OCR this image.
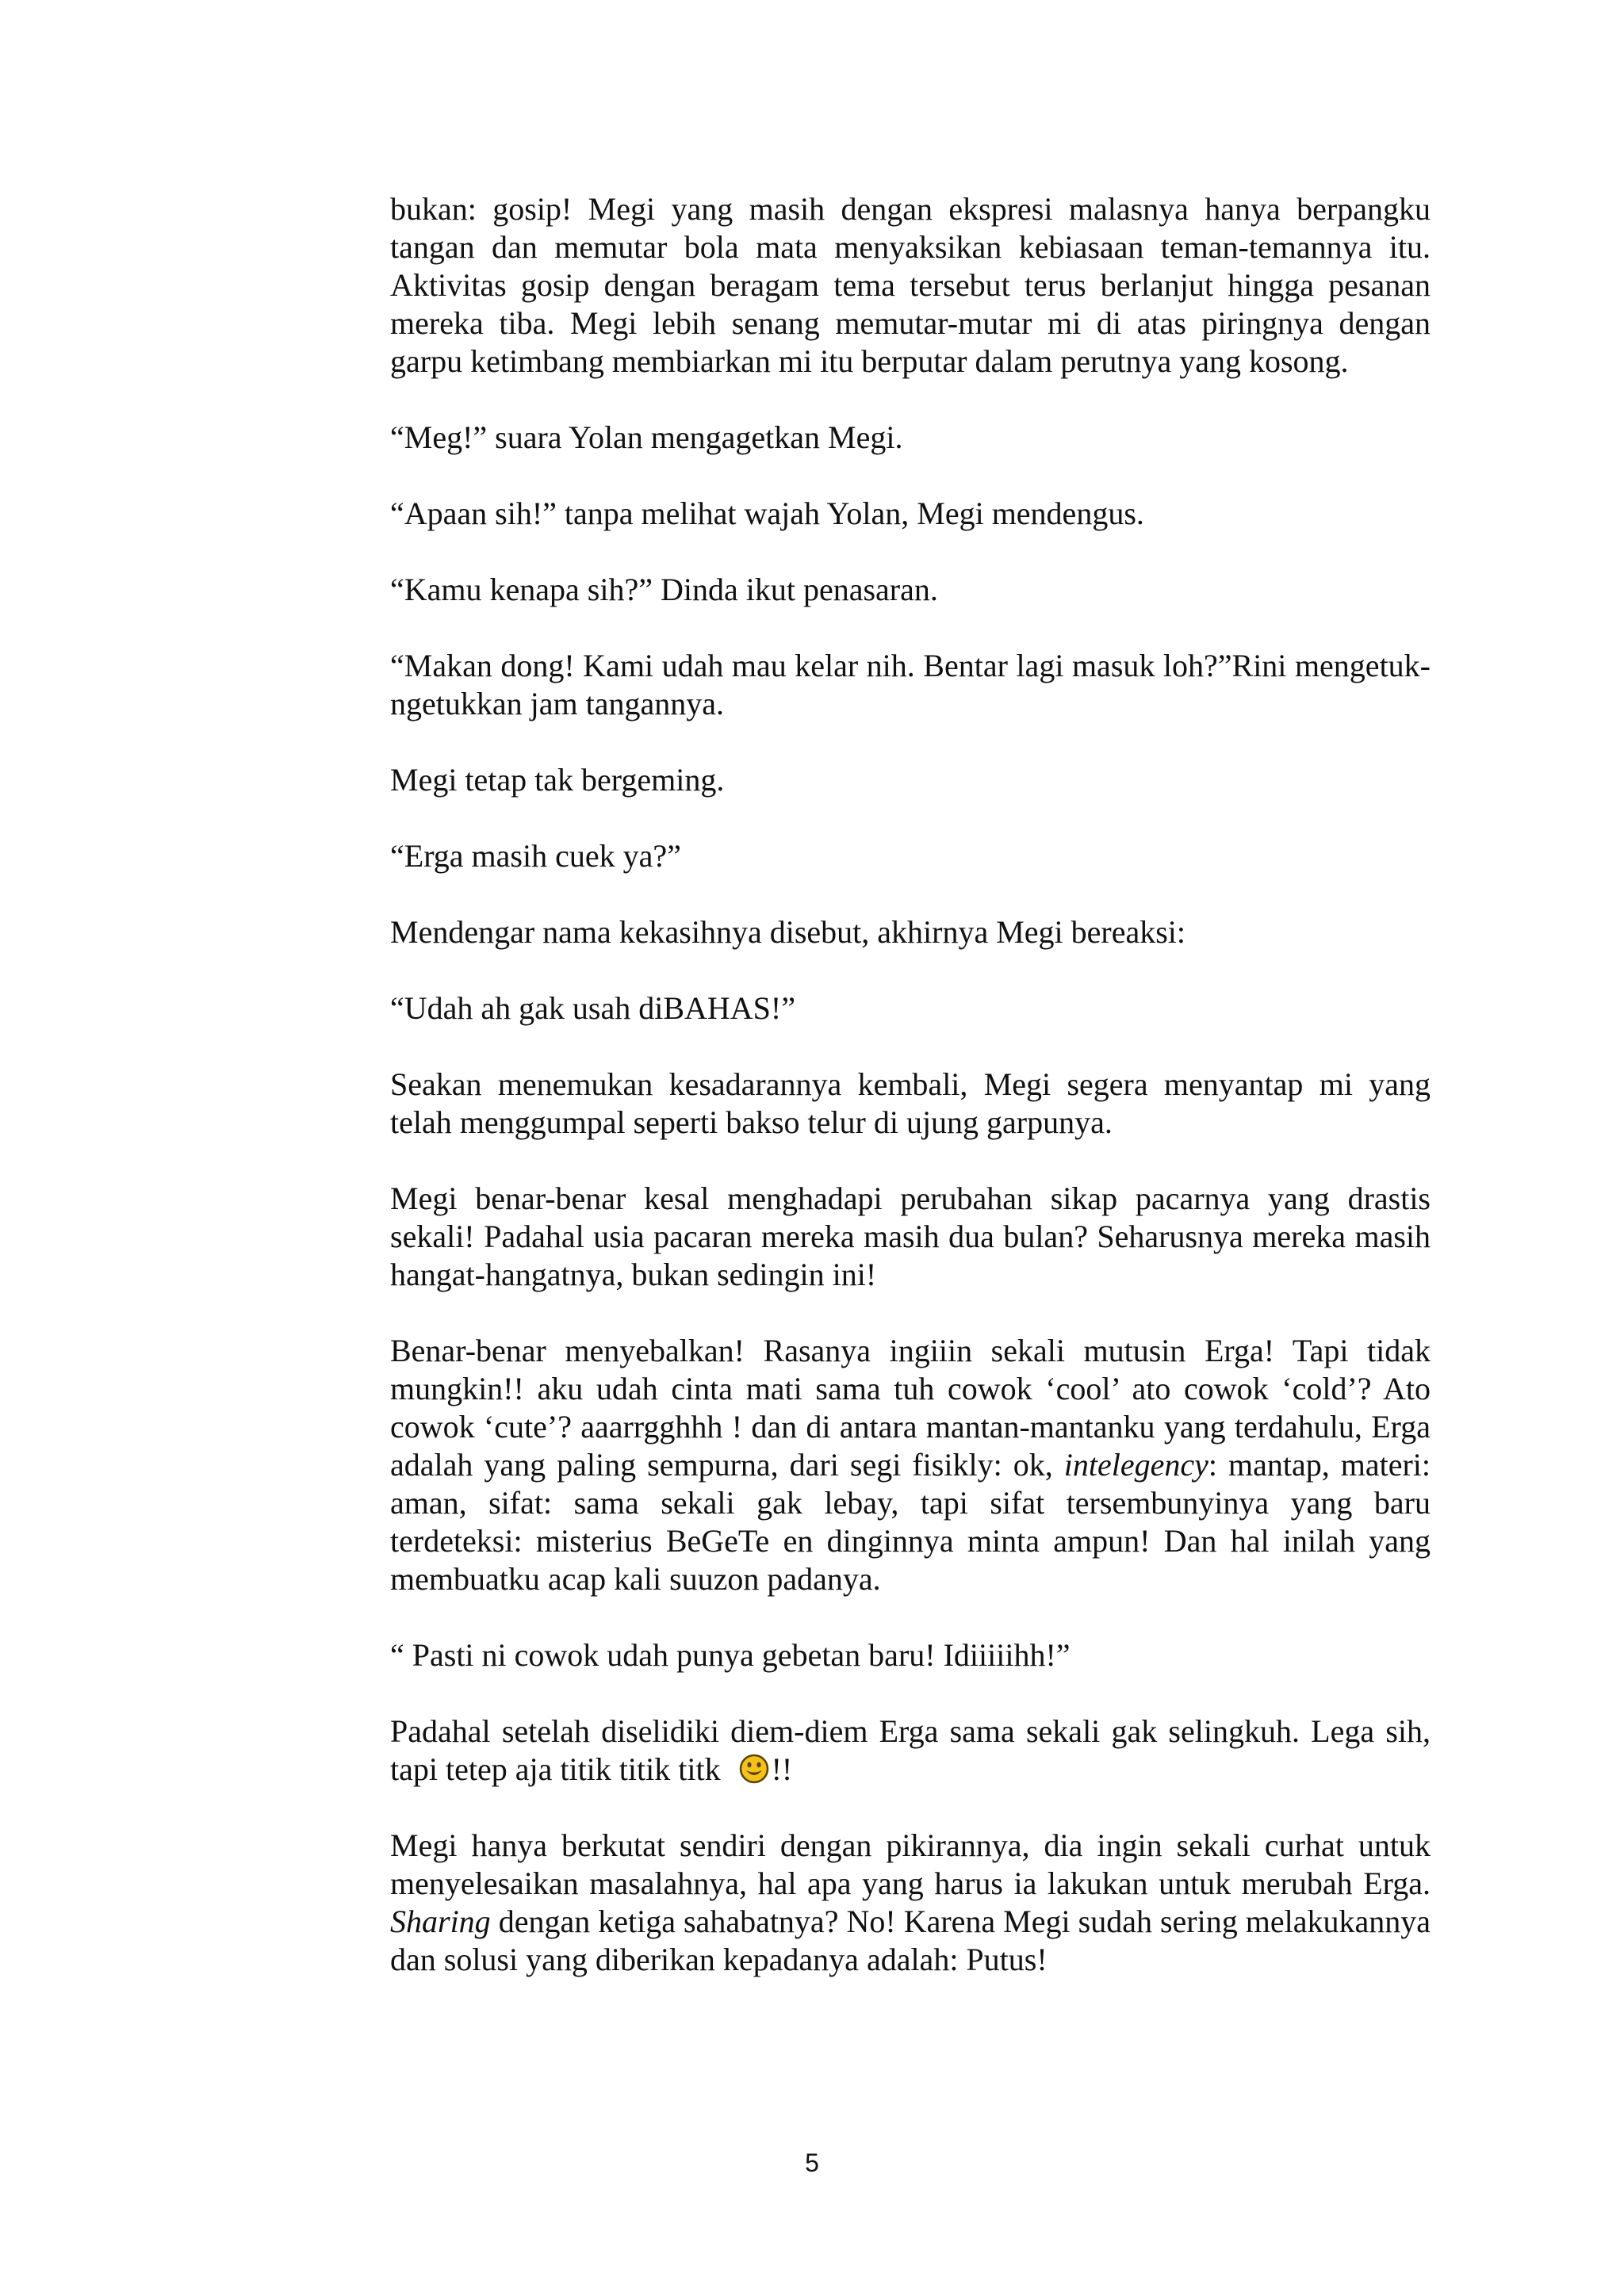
bukan: gosip! Megi yang masih dengan ekspresi malasnya hanya berpangku tangan dan memutar bola mata menyaksikan kebiasaan teman-temannya itu. Aktivitas gosip dengan beragam tema tersebut terus berlanjut hingga pesanan mereka tiba. Megi lebih senang memutar-mutar mi di atas piringnya dengan garpu ketimbang membiarkan mi itu berputar dalam perutnya yang kosong.

“Meg!” suara Yolan mengagetkan Megi.

“Apaan sih!” tanpa melihat wajah Yolan, Megi mendengus.

“Kamu kenapa sih?” Dinda ikut penasaran.

“Makan dong! Kami udah mau kelar nih. Bentar lagi masuk loh?”Rini mengetuk-ngetukkan jam tangannya.

Megi tetap tak bergeming.

“Erga masih cuek ya?”

Mendengar nama kekasihnya disebut, akhirnya Megi bereaksi:

“Udah ah gak usah diBAHAS!”

Seakan menemukan kesadarannya kembali, Megi segera menyantap mi yang telah menggumpal seperti bakso telur di ujung garpunya.

Megi benar-benar kesal menghadapi perubahan sikap pacarnya yang drastis sekali! Padahal usia pacaran mereka masih dua bulan? Seharusnya mereka masih hangat-hangatnya, bukan sedingin ini!

Benar-benar menyebalkan! Rasanya ingiiin sekali mutusin Erga! Tapi tidak mungkin!! aku udah cinta mati sama tuh cowok ‘cool’ ato cowok ‘cold’? Ato cowok ‘cute’? aaarrgghhh ! dan di antara mantan-mantanku yang terdahulu, Erga adalah yang paling sempurna, dari segi fisikly: ok, intelegency: mantap, materi: aman, sifat: sama sekali gak lebay, tapi sifat tersembunyinya yang baru terdeteksi: misterius BeGeTe en dinginnya minta ampun! Dan hal inilah yang membuatku acap kali suuzon padanya.

“ Pasti ni cowok udah punya gebetan baru! Idiiiiihh!”

Padahal setelah diselidiki diem-diem Erga sama sekali gak selingkuh. Lega sih, tapi tetep aja titik titik titk !!

Megi hanya berkutat sendiri dengan pikirannya, dia ingin sekali curhat untuk menyelesaikan masalahnya, hal apa yang harus ia lakukan untuk merubah Erga. Sharing dengan ketiga sahabatnya? No! Karena Megi sudah sering melakukannya dan solusi yang diberikan kepadanya adalah: Putus!

5
